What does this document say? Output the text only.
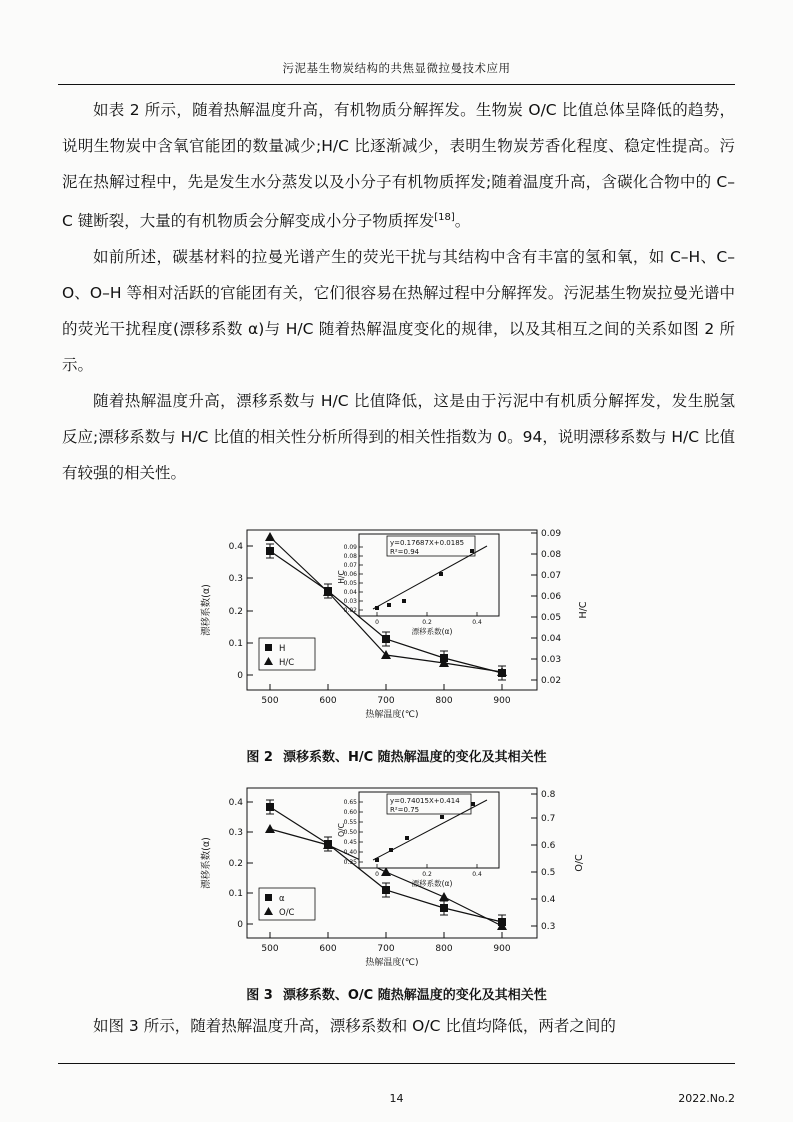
污泥基生物炭结构的共焦显微拉曼技术应用

如表 2 所示，随着热解温度升高，有机物质分解挥发。生物炭 O/C 比值总体呈降低的趋势，说明生物炭中含氧官能团的数量减少;H/C 比逐渐减少，表明生物炭芳香化程度、稳定性提高。污泥在热解过程中，先是发生水分蒸发以及小分子有机物质挥发;随着温度升高，含碳化合物中的 C–C 键断裂，大量的有机物质会分解变成小分子物质挥发[18]。

如前所述，碳基材料的拉曼光谱产生的荧光干扰与其结构中含有丰富的氢和氧，如 C–H、C–O、O–H 等相对活跃的官能团有关，它们很容易在热解过程中分解挥发。污泥基生物炭拉曼光谱中的荧光干扰程度(漂移系数 α)与 H/C 随着热解温度变化的规律，以及其相互之间的关系如图 2 所示。

随着热解温度升高，漂移系数与 H/C 比值降低，这是由于污泥中有机质分解挥发，发生脱氢反应;漂移系数与 H/C 比值的相关性分析所得到的相关性指数为 0。94，说明漂移系数与 H/C 比值有较强的相关性。

500	600	700	800	900
热解温度(℃)
0
0.1
0.2
0.3
0.4
漂移系数(α)
0.02
0.03
0.04
0.05
0.06
0.07
0.08
0.09
H/C
H
H/C
y=0.17687X+0.0185
R²=0.94
0.02
0.03
0.04
0.05
0.06
0.07
0.08
0.09
H/C
0	0.2	0.4
漂移系数(α)
图 2 漂移系数、H/C 随热解温度的变化及其相关性
500	600	700	800	900
热解温度(℃)
0
0.1
0.2
0.3
0.4
漂移系数(α)
0.3
0.4
0.5
0.6
0.7
0.8
O/C
α
O/C
y=0.74015X+0.414
R²=0.75
0.35
0.40
0.45
0.50
0.55
0.60
0.65
O/C
0	0.2	0.4
漂移系数(α)
图 3 漂移系数、O/C 随热解温度的变化及其相关性

如图 3 所示，随着热解温度升高，漂移系数和 O/C 比值均降低，两者之间的

14	2022.No.2
